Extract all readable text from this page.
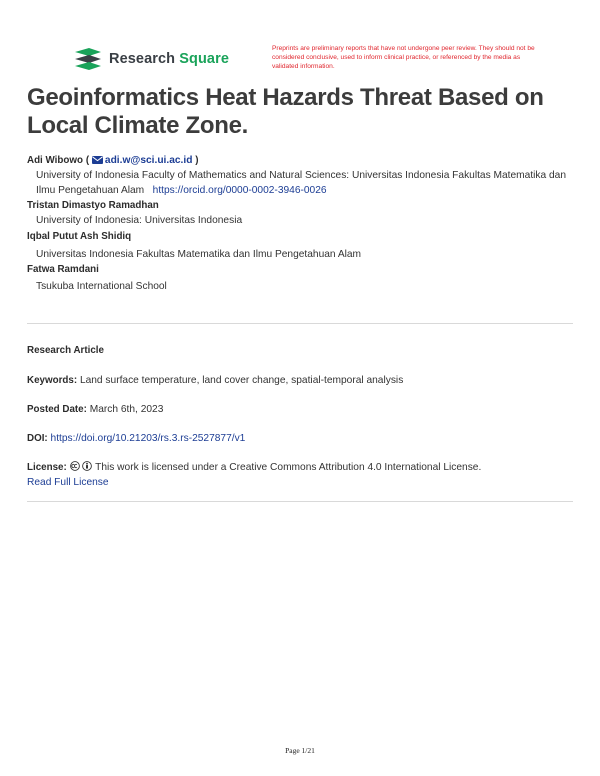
Research Square
Preprints are preliminary reports that have not undergone peer review. They should not be considered conclusive, used to inform clinical practice, or referenced by the media as validated information.
Geoinformatics Heat Hazards Threat Based on Local Climate Zone.
Adi Wibowo ( adi.w@sci.ui.ac.id )
University of Indonesia Faculty of Mathematics and Natural Sciences: Universitas Indonesia Fakultas Matematika dan Ilmu Pengetahuan Alam https://orcid.org/0000-0002-3946-0026
Tristan Dimastyo Ramadhan
University of Indonesia: Universitas Indonesia
Iqbal Putut Ash Shidiq
Universitas Indonesia Fakultas Matematika dan Ilmu Pengetahuan Alam
Fatwa Ramdani
Tsukuba International School
Research Article
Keywords: Land surface temperature, land cover change, spatial-temporal analysis
Posted Date: March 6th, 2023
DOI: https://doi.org/10.21203/rs.3.rs-2527877/v1
License:	This work is licensed under a Creative Commons Attribution 4.0 International License.
Read Full License
Page 1/21
